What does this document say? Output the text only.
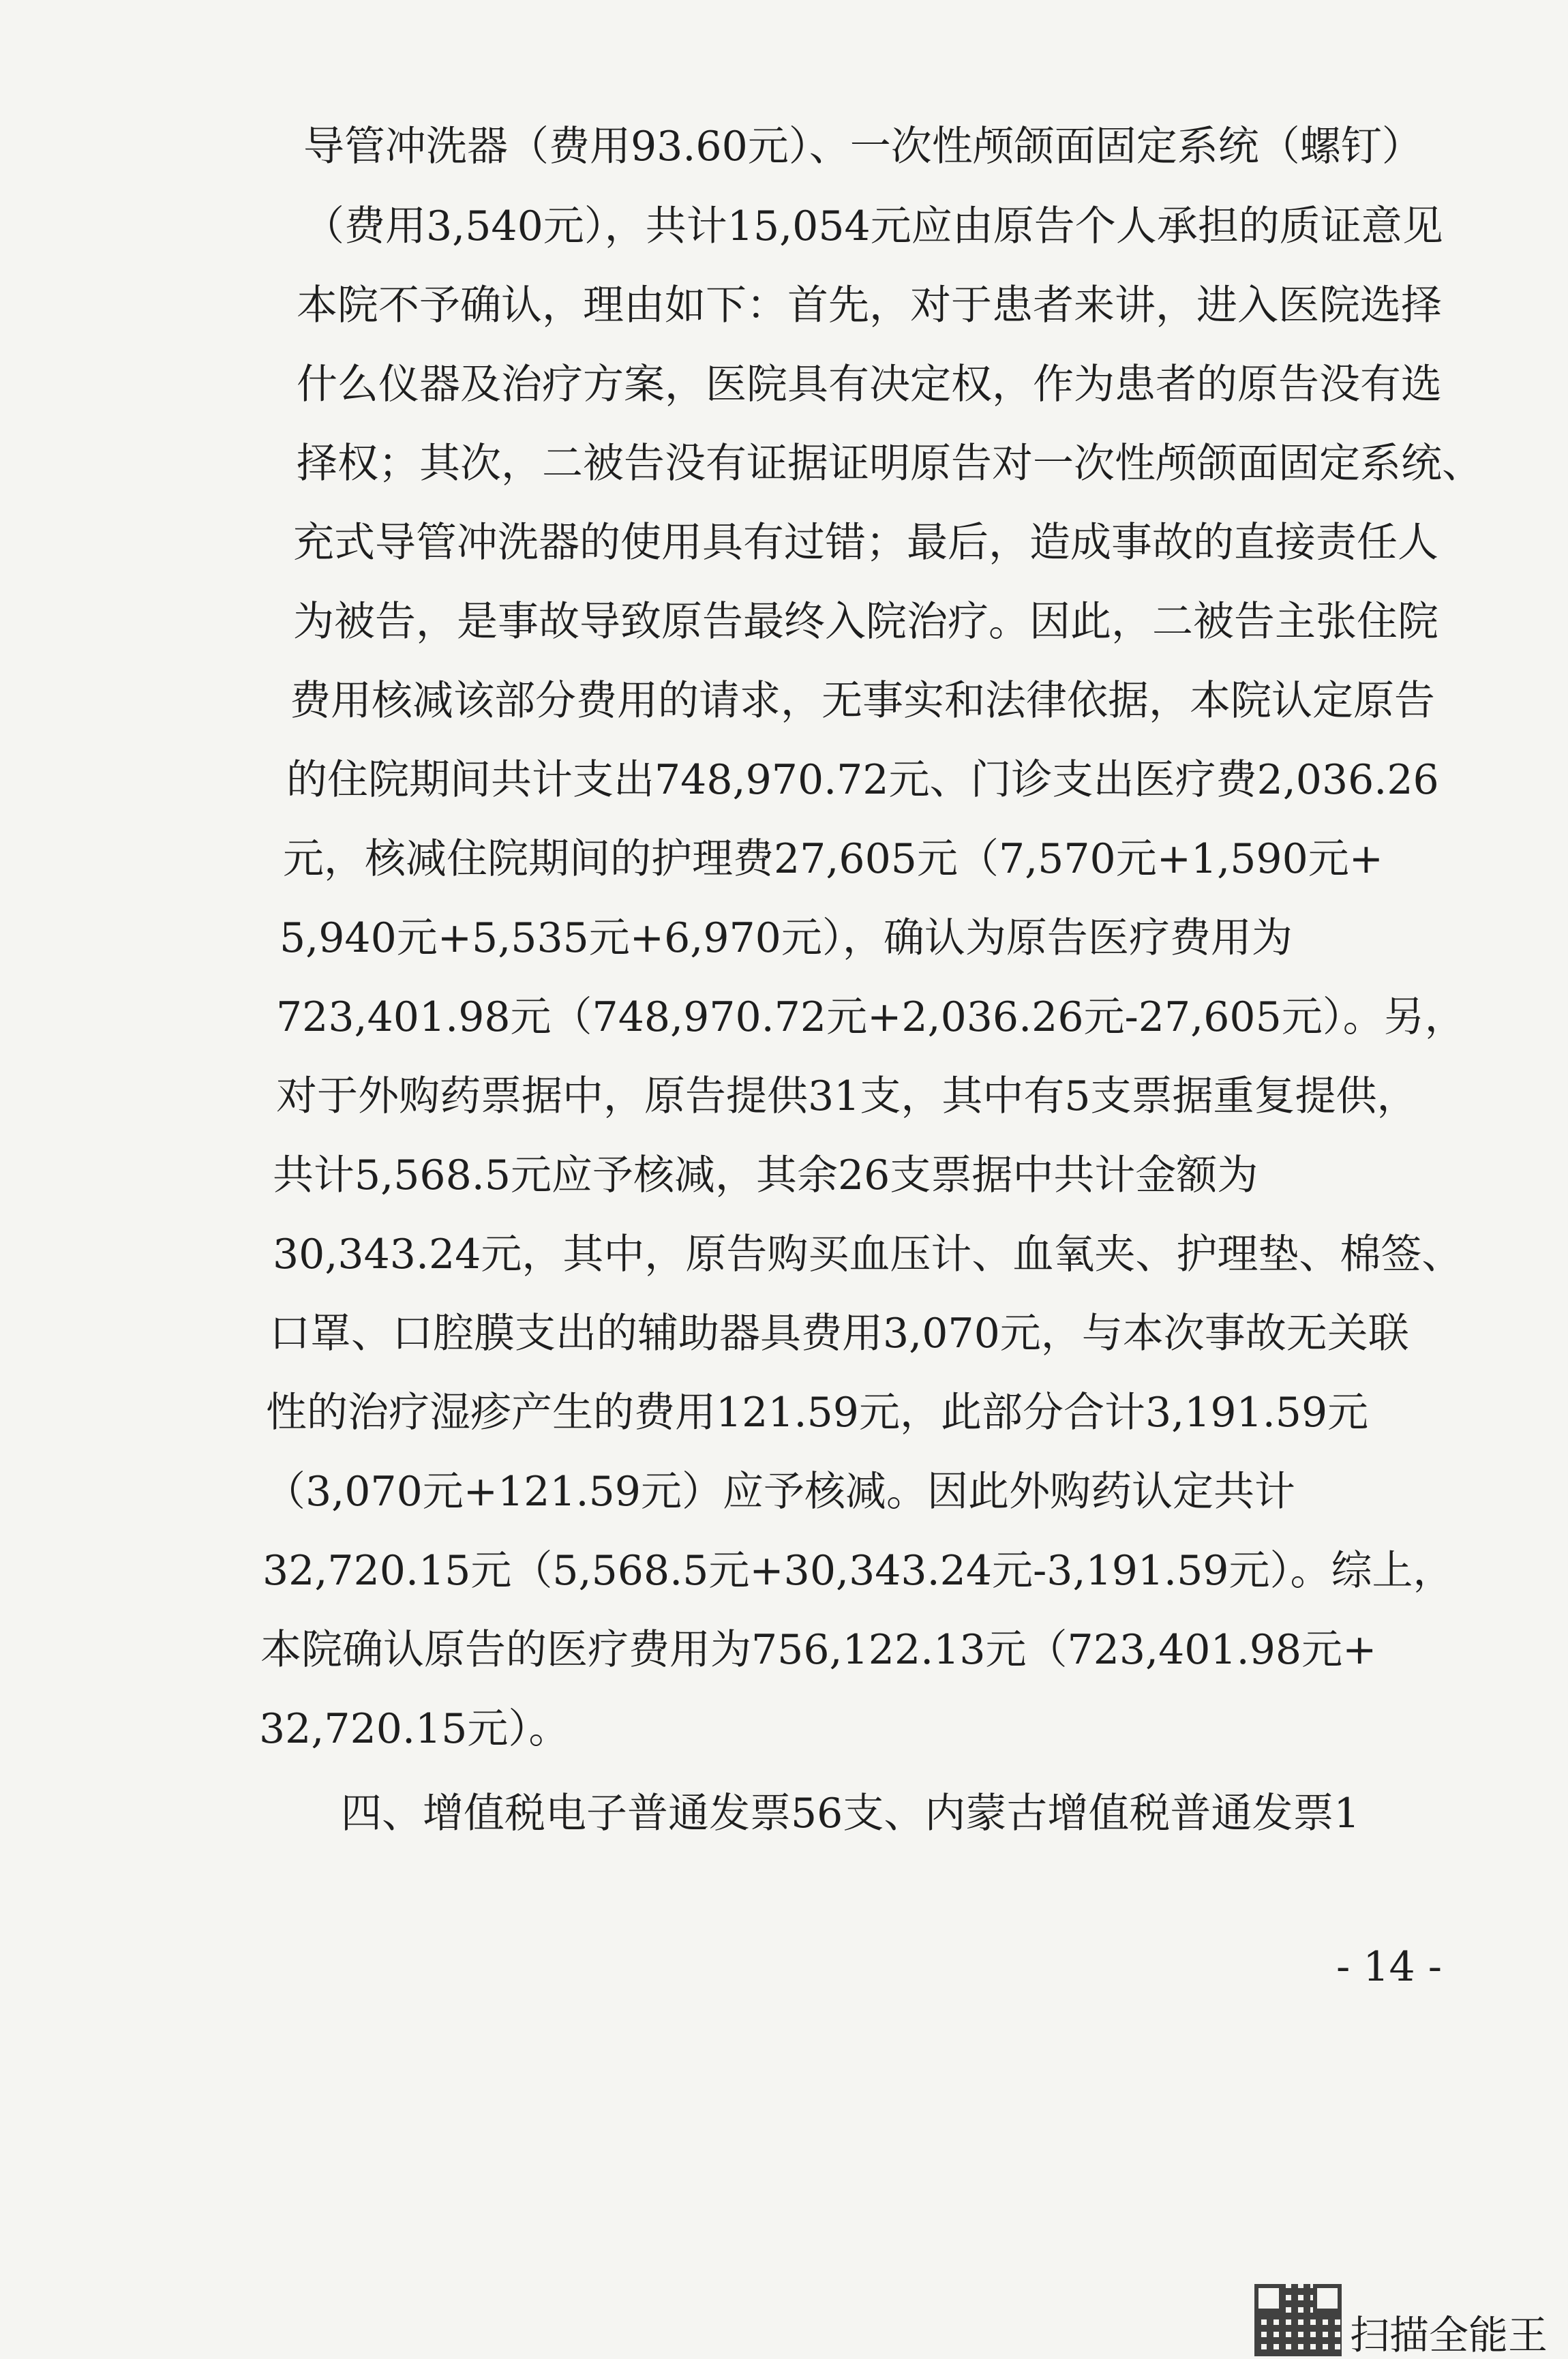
导管冲洗器（费用93.60元）、一次性颅颌面固定系统（螺钉）
（费用3,540元），共计15,054元应由原告个人承担的质证意见
本院不予确认，理由如下：首先，对于患者来讲，进入医院选择
什么仪器及治疗方案，医院具有决定权，作为患者的原告没有选
择权；其次，二被告没有证据证明原告对一次性颅颌面固定系统、
充式导管冲洗器的使用具有过错；最后，造成事故的直接责任人
为被告，是事故导致原告最终入院治疗。因此，二被告主张住院
费用核减该部分费用的请求，无事实和法律依据，本院认定原告
的住院期间共计支出748,970.72元、门诊支出医疗费2,036.26
元，核减住院期间的护理费27,605元（7,570元+1,590元+
5,940元+5,535元+6,970元），确认为原告医疗费用为
723,401.98元（748,970.72元+2,036.26元-27,605元）。另，
对于外购药票据中，原告提供31支，其中有5支票据重复提供，
共计5,568.5元应予核减，其余26支票据中共计金额为
30,343.24元，其中，原告购买血压计、血氧夹、护理垫、棉签、
口罩、口腔膜支出的辅助器具费用3,070元，与本次事故无关联
性的治疗湿疹产生的费用121.59元，此部分合计3,191.59元
（3,070元+121.59元）应予核减。因此外购药认定共计
32,720.15元（5,568.5元+30,343.24元-3,191.59元）。综上，
本院确认原告的医疗费用为756,122.13元（723,401.98元+
32,720.15元）。
四、增值税电子普通发票56支、内蒙古增值税普通发票1
- 14 -
扫描全能王
